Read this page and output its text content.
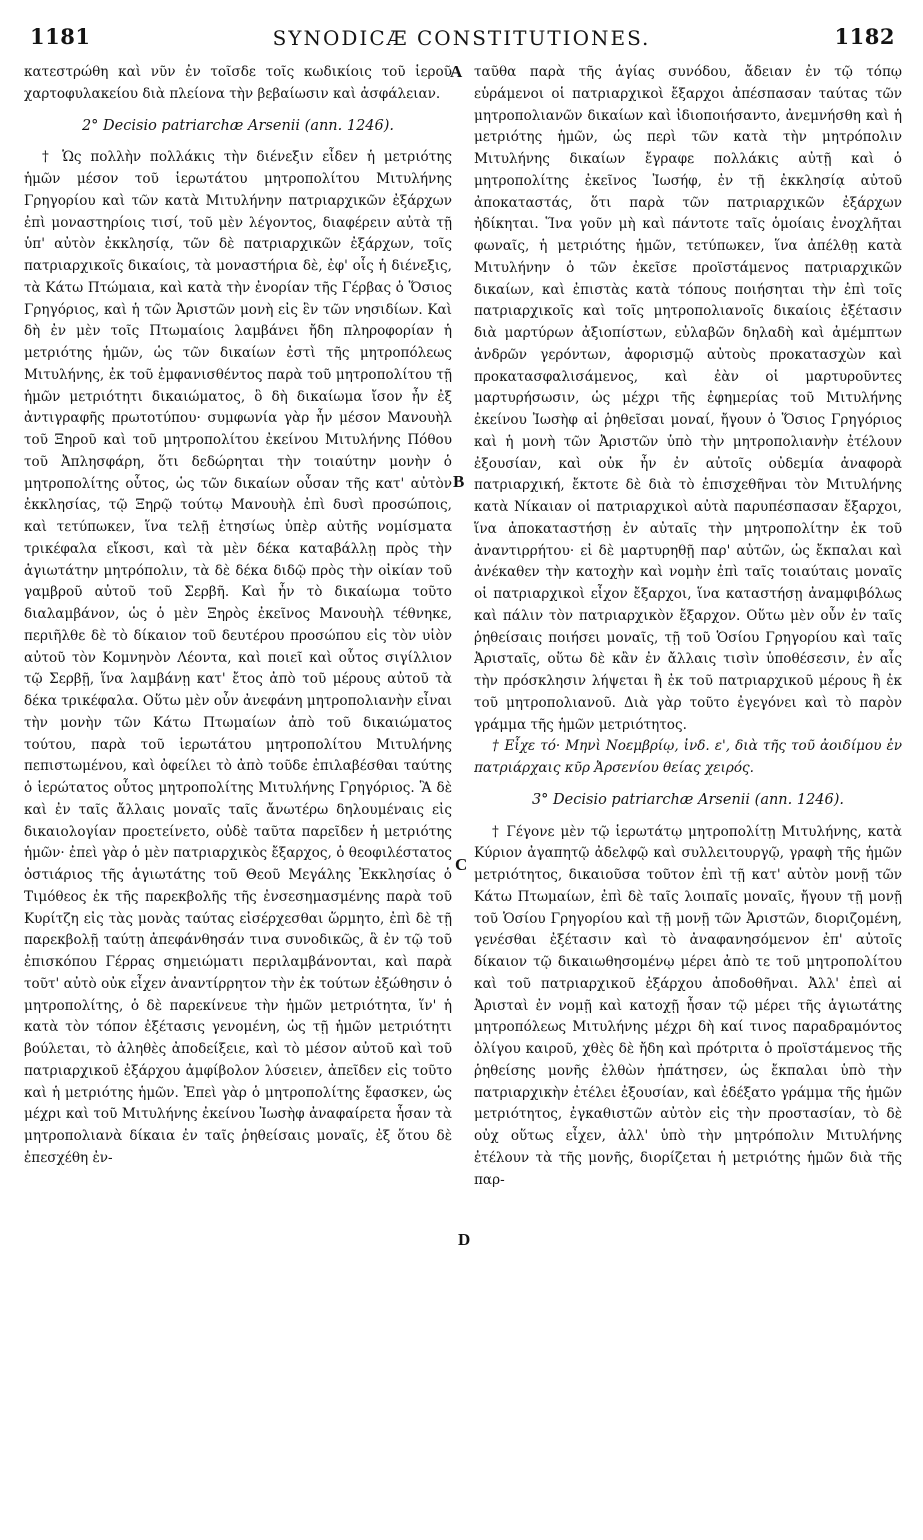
1181	SYNODICÆ CONSTITUTIONES.	1182
A
B
C
D

κατεστρώθη καὶ νῦν ἐν τοῖσδε τοῖς κωδικίοις τοῦ ἱεροῦ χαρτοφυλακείου διὰ πλείονα τὴν βεβαίωσιν καὶ ἀσφάλειαν.

2° Decisio patriarchæ Arsenii (ann. 1246).

† Ὡς πολλὴν πολλάκις τὴν διένεξιν εἶδεν ἡ μετριότης ἡμῶν μέσον τοῦ ἱερωτάτου μητροπολίτου Μιτυλήνης Γρηγορίου καὶ τῶν κατὰ Μιτυλήνην πατριαρχικῶν ἐξάρχων ἐπὶ μοναστηρίοις τισί, τοῦ μὲν λέγοντος, διαφέρειν αὐτὰ τῇ ὑπ' αὐτὸν ἐκκλησίᾳ, τῶν δὲ πατριαρχικῶν ἐξάρχων, τοῖς πατριαρχικοῖς δικαίοις, τὰ μοναστήρια δὲ, ἐφ' οἷς ἡ διένεξις, τὰ Κάτω Πτώμαια, καὶ κατὰ τὴν ἐνορίαν τῆς Γέρβας ὁ Ὅσιος Γρηγόριος, καὶ ἡ τῶν Ἀριστῶν μονὴ εἰς ἓν τῶν νησιδίων. Καὶ δὴ ἐν μὲν τοῖς Πτωμαίοις λαμβάνει ἤδη πληροφορίαν ἡ μετριότης ἡμῶν, ὡς τῶν δικαίων ἐστὶ τῆς μητροπόλεως Μιτυλήνης, ἐκ τοῦ ἐμφανισθέντος παρὰ τοῦ μητροπολίτου τῇ ἡμῶν μετριότητι δικαιώματος, ὃ δὴ δικαίωμα ἴσον ἦν ἐξ ἀντιγραφῆς πρωτοτύπου· συμφωνία γὰρ ἦν μέσον Μανουὴλ τοῦ Ξηροῦ καὶ τοῦ μητροπολίτου ἐκείνου Μιτυλήνης Πόθου τοῦ Ἀπλησφάρη, ὅτι δεδώρηται τὴν τοιαύτην μονὴν ὁ μητροπολίτης οὗτος, ὡς τῶν δικαίων οὖσαν τῆς κατ' αὐτὸν ἐκκλησίας, τῷ Ξηρῷ τούτῳ Μανουὴλ ἐπὶ δυσὶ προσώποις, καὶ τετύπωκεν, ἵνα τελῇ ἐτησίως ὑπὲρ αὐτῆς νομίσματα τρικέφαλα εἴκοσι, καὶ τὰ μὲν δέκα καταβάλλῃ πρὸς τὴν ἁγιωτάτην μητρόπολιν, τὰ δὲ δέκα διδῷ πρὸς τὴν οἰκίαν τοῦ γαμβροῦ αὐτοῦ τοῦ Σερβῆ. Καὶ ἦν τὸ δικαίωμα τοῦτο διαλαμβάνον, ὡς ὁ μὲν Ξηρὸς ἐκεῖνος Μανουὴλ τέθνηκε, περιῆλθε δὲ τὸ δίκαιον τοῦ δευτέρου προσώπου εἰς τὸν υἱὸν αὐτοῦ τὸν Κομνηνὸν Λέοντα, καὶ ποιεῖ καὶ οὗτος σιγίλλιον τῷ Σερβῇ, ἵνα λαμβάνῃ κατ' ἔτος ἀπὸ τοῦ μέρους αὐτοῦ τὰ δέκα τρικέφαλα. Οὕτω μὲν οὖν ἀνεφάνη μητροπολιανὴν εἶναι τὴν μονὴν τῶν Κάτω Πτωμαίων ἀπὸ τοῦ δικαιώματος τούτου, παρὰ τοῦ ἱερωτάτου μητροπολίτου Μιτυλήνης πεπιστωμένου, καὶ ὀφείλει τὸ ἀπὸ τοῦδε ἐπιλαβέσθαι ταύτης ὁ ἱερώτατος οὗτος μητροπολίτης Μιτυλήνης Γρηγόριος. Ἃ δὲ καὶ ἐν ταῖς ἄλλαις μοναῖς ταῖς ἄνωτέρω δηλουμέναις εἰς δικαιολογίαν προετείνετο, οὐδὲ ταῦτα παρεῖδεν ἡ μετριότης ἡμῶν· ἐπεὶ γὰρ ὁ μὲν πατριαρχικὸς ἔξαρχος, ὁ θεοφιλέστατος ὀστιάριος τῆς ἁγιωτάτης τοῦ Θεοῦ Μεγάλης Ἐκκλησίας ὁ Τιμόθεος ἐκ τῆς παρεκβολῆς τῆς ἐνσεσημασμένης παρὰ τοῦ Κυρίτζη εἰς τὰς μονὰς ταύτας εἰσέρχεσθαι ὥρμητο, ἐπὶ δὲ τῇ παρεκβολῇ ταύτῃ ἀπεφάνθησάν τινα συνοδικῶς, ἃ ἐν τῷ τοῦ ἐπισκόπου Γέρρας σημειώματι περιλαμβάνονται, καὶ παρὰ τοῦτ' αὐτὸ οὐκ εἶχεν ἀναντίρρητον τὴν ἐκ τούτων ἐξώθησιν ὁ μητροπολίτης, ὁ δὲ παρεκίνευε τὴν ἡμῶν μετριότητα, ἵν' ἡ κατὰ τὸν τόπον ἐξέτασις γενομένη, ὡς τῇ ἡμῶν μετριότητι βούλεται, τὸ ἀληθὲς ἀποδείξειε, καὶ τὸ μέσον αὐτοῦ καὶ τοῦ πατριαρχικοῦ ἐξάρχου ἀμφίβολον λύσειεν, ἀπεῖδεν εἰς τοῦτο καὶ ἡ μετριότης ἡμῶν. Ἐπεὶ γὰρ ὁ μητροπολίτης ἔφασκεν, ὡς μέχρι καὶ τοῦ Μιτυλήνης ἐκείνου Ἰωσὴφ ἀναφαίρετα ἦσαν τὰ μητροπολιανὰ δίκαια ἐν ταῖς ῥηθείσαις μοναῖς, ἐξ ὅτου δὲ ἐπεσχέθη ἐν-

ταῦθα παρὰ τῆς ἁγίας συνόδου, ἄδειαν ἐν τῷ τόπῳ εὑράμενοι οἱ πατριαρχικοὶ ἔξαρχοι ἀπέσπασαν ταύτας τῶν μητροπολιανῶν δικαίων καὶ ἰδιοποιήσαντο, ἀνεμνήσθη καὶ ἡ μετριότης ἡμῶν, ὡς περὶ τῶν κατὰ τὴν μητρόπολιν Μιτυλήνης δικαίων ἔγραφε πολλάκις αὐτῇ καὶ ὁ μητροπολίτης ἐκεῖνος Ἰωσήφ, ἐν τῇ ἐκκλησίᾳ αὐτοῦ ἀποκαταστάς, ὅτι παρὰ τῶν πατριαρχικῶν ἐξάρχων ἠδίκηται. Ἵνα γοῦν μὴ καὶ πάντοτε ταῖς ὁμοίαις ἐνοχλῆται φωναῖς, ἡ μετριότης ἡμῶν, τετύπωκεν, ἵνα ἀπέλθῃ κατὰ Μιτυλήνην ὁ τῶν ἐκεῖσε προϊστάμενος πατριαρχικῶν δικαίων, καὶ ἐπιστὰς κατὰ τόπους ποιήσηται τὴν ἐπὶ τοῖς πατριαρχικοῖς καὶ τοῖς μητροπολιανοῖς δικαίοις ἐξέτασιν διὰ μαρτύρων ἀξιοπίστων, εὐλαβῶν δηλαδὴ καὶ ἀμέμπτων ἀνδρῶν γερόντων, ἀφορισμῷ αὐτοὺς προκατασχὼν καὶ προκατασφαλισάμενος, καὶ ἐὰν οἱ μαρτυροῦντες μαρτυρήσωσιν, ὡς μέχρι τῆς ἐφημερίας τοῦ Μιτυλήνης ἐκείνου Ἰωσὴφ αἱ ῥηθεῖσαι μοναί, ἤγουν ὁ Ὅσιος Γρηγόριος καὶ ἡ μονὴ τῶν Ἀριστῶν ὑπὸ τὴν μητροπολιανὴν ἐτέλουν ἐξουσίαν, καὶ οὐκ ἦν ἐν αὐτοῖς οὐδεμία ἀναφορὰ πατριαρχική, ἔκτοτε δὲ διὰ τὸ ἐπισχεθῆναι τὸν Μιτυλήνης κατὰ Νίκαιαν οἱ πατριαρχικοὶ αὐτὰ παρυπέσπασαν ἔξαρχοι, ἵνα ἀποκαταστήσῃ ἐν αὐταῖς τὴν μητροπολίτην ἐκ τοῦ ἀναντιρρήτου· εἰ δὲ μαρτυρηθῇ παρ' αὐτῶν, ὡς ἔκπαλαι καὶ ἀνέκαθεν τὴν κατοχὴν καὶ νομὴν ἐπὶ ταῖς τοιαύταις μοναῖς οἱ πατριαρχικοὶ εἶχον ἔξαρχοι, ἵνα καταστήσῃ ἀναμφιβόλως καὶ πάλιν τὸν πατριαρχικὸν ἔξαρχον. Οὕτω μὲν οὖν ἐν ταῖς ῥηθείσαις ποιήσει μοναῖς, τῇ τοῦ Ὁσίου Γρηγορίου καὶ ταῖς Ἀρισταῖς, οὕτω δὲ κἂν ἐν ἄλλαις τισὶν ὑποθέσεσιν, ἐν αἷς τὴν πρόσκλησιν λήψεται ἢ ἐκ τοῦ πατριαρχικοῦ μέρους ἢ ἐκ τοῦ μητροπολιανοῦ. Διὰ γὰρ τοῦτο ἐγεγόνει καὶ τὸ παρὸν γράμμα τῆς ἡμῶν μετριότητος.

† Εἶχε τό· Μηνὶ Νοεμβρίῳ, ἰνδ. ε', διὰ τῆς τοῦ ἀοιδίμου ἐν πατριάρχαις κῦρ Ἀρσενίου θείας χειρός.

3° Decisio patriarchæ Arsenii (ann. 1246).

† Γέγονε μὲν τῷ ἱερωτάτῳ μητροπολίτῃ Μιτυλήνης, κατὰ Κύριον ἀγαπητῷ ἀδελφῷ καὶ συλλειτουργῷ, γραφὴ τῆς ἡμῶν μετριότητος, δικαιοῦσα τοῦτον ἐπὶ τῇ κατ' αὐτὸν μονῇ τῶν Κάτω Πτωμαίων, ἐπὶ δὲ ταῖς λοιπαῖς μοναῖς, ἤγουν τῇ μονῇ τοῦ Ὁσίου Γρηγορίου καὶ τῇ μονῇ τῶν Ἀριστῶν, διοριζομένη, γενέσθαι ἐξέτασιν καὶ τὸ ἀναφανησόμενον ἐπ' αὐτοῖς δίκαιον τῷ δικαιωθησομένῳ μέρει ἀπὸ τε τοῦ μητροπολίτου καὶ τοῦ πατριαρχικοῦ ἐξάρχου ἀποδοθῆναι. Ἀλλ' ἐπεὶ αἱ Ἀρισταὶ ἐν νομῇ καὶ κατοχῇ ἦσαν τῷ μέρει τῆς ἁγιωτάτης μητροπόλεως Μιτυλήνης μέχρι δὴ καί τινος παραδραμόντος ὀλίγου καιροῦ, χθὲς δὲ ἤδη καὶ πρότριτα ὁ προϊστάμενος τῆς ῥηθείσης μονῆς ἐλθὼν ἠπάτησεν, ὡς ἔκπαλαι ὑπὸ τὴν πατριαρχικὴν ἐτέλει ἐξουσίαν, καὶ ἐδέξατο γράμμα τῆς ἡμῶν μετριότητος, ἐγκαθιστῶν αὐτὸν εἰς τὴν προστασίαν, τὸ δὲ οὐχ οὕτως εἶχεν, ἀλλ' ὑπὸ τὴν μητρόπολιν Μιτυλήνης ἐτέλουν τὰ τῆς μονῆς, διορίζεται ἡ μετριότης ἡμῶν διὰ τῆς παρ-
